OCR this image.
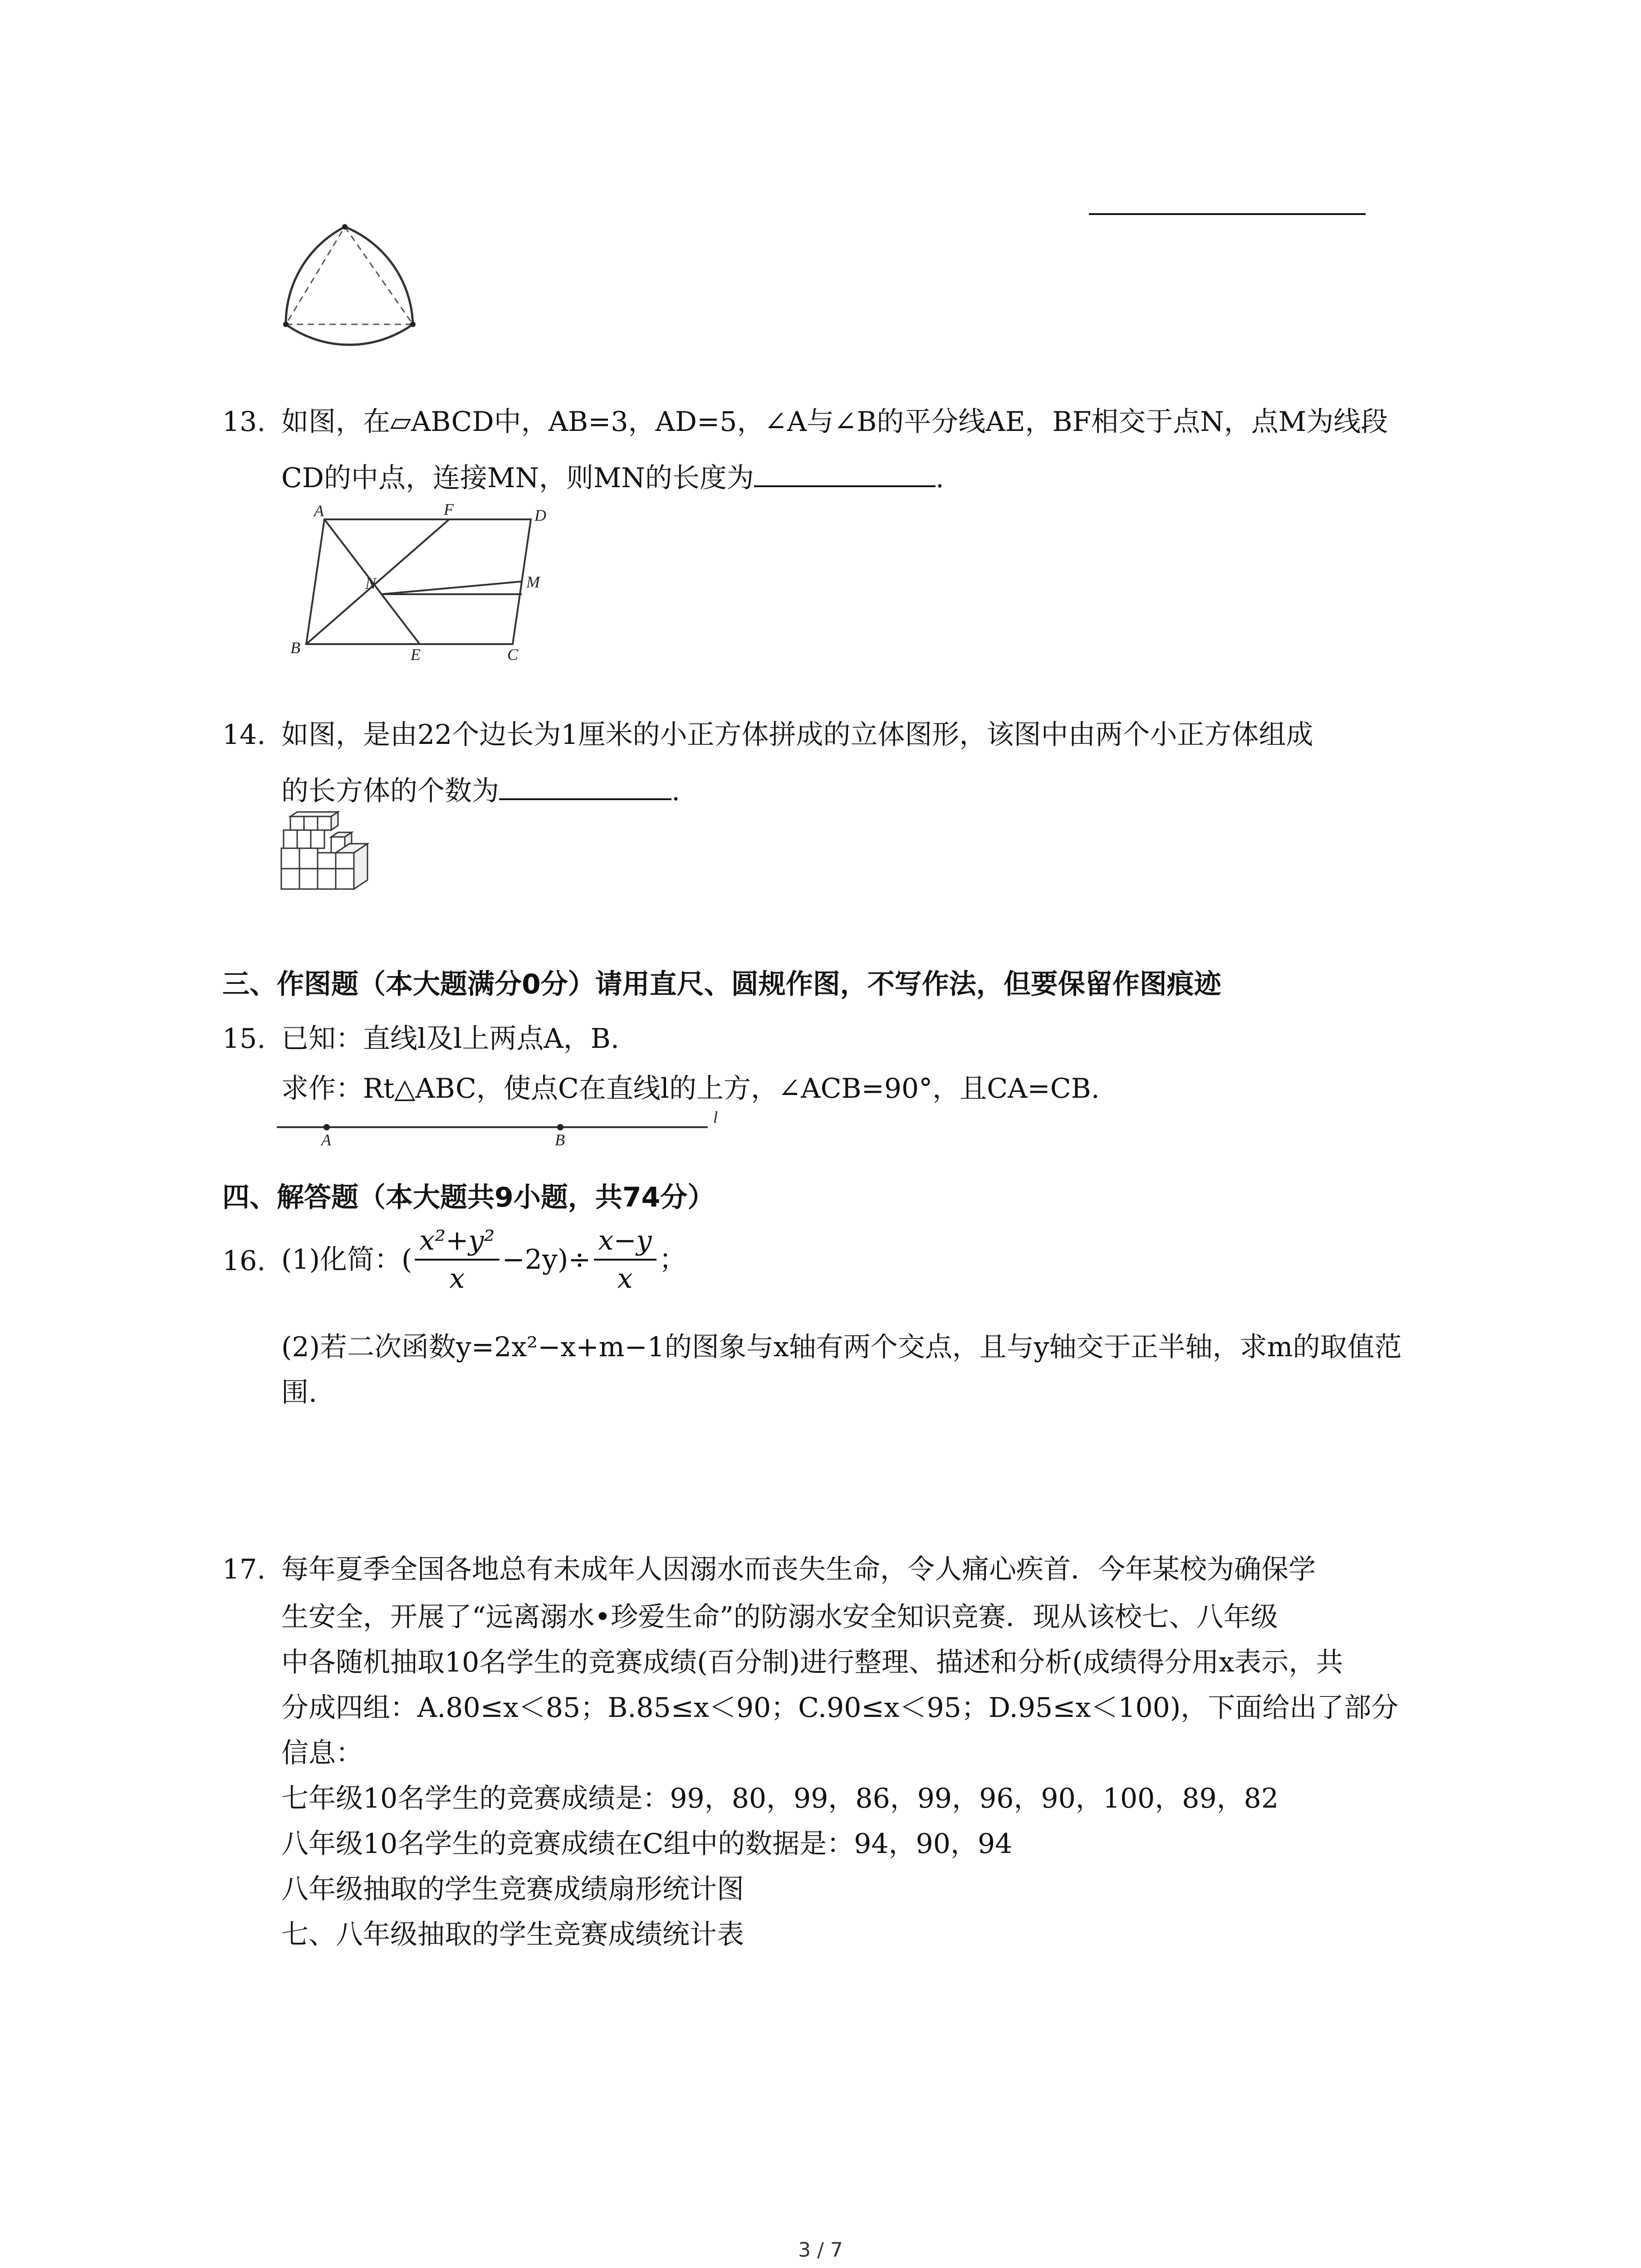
13. 如图，在▱ABCD中，AB=3，AD=5，∠A与∠B的平分线AE，BF相交于点N，点M为线段
CD的中点，连接MN，则MN的长度为	.
A	F	D
N	M
B	E	C
14. 如图，是由22个边长为1厘米的小正方体拼成的立体图形，该图中由两个小正方体组成
的长方体的个数为	.
三、作图题（本大题满分0分）请用直尺、圆规作图，不写作法，但要保留作图痕迹
15. 已知：直线l及l上两点A，B.
求作：Rt△ABC，使点C在直线l的上方，∠ACB=90°，且CA=CB.
A	B
l
四、解答题（本大题共9小题，共74分）
16. (1)化简：( $\frac{\text{x²+y²}}{x} -2y)\div \frac{x-y}{x}$ ；
(2)若二次函数y=2x²−x+m−1的图象与x轴有两个交点，且与y轴交于正半轴，求m的取值范
围.
17. 每年夏季全国各地总有未成年人因溺水而丧失生命，令人痛心疾首．今年某校为确保学
生安全，开展了“远离溺水•珍爱生命”的防溺水安全知识竞赛．现从该校七、八年级
中各随机抽取10名学生的竞赛成绩(百分制)进行整理、描述和分析(成绩得分用x表示，共
分成四组：A.80≤x＜85；B.85≤x＜90；C.90≤x＜95；D.95≤x＜100)，下面给出了部分
信息：
七年级10名学生的竞赛成绩是：99，80，99，86，99，96，90，100，89，82
八年级10名学生的竞赛成绩在C组中的数据是：94，90，94
八年级抽取的学生竞赛成绩扇形统计图
七、八年级抽取的学生竞赛成绩统计表
3 / 7
